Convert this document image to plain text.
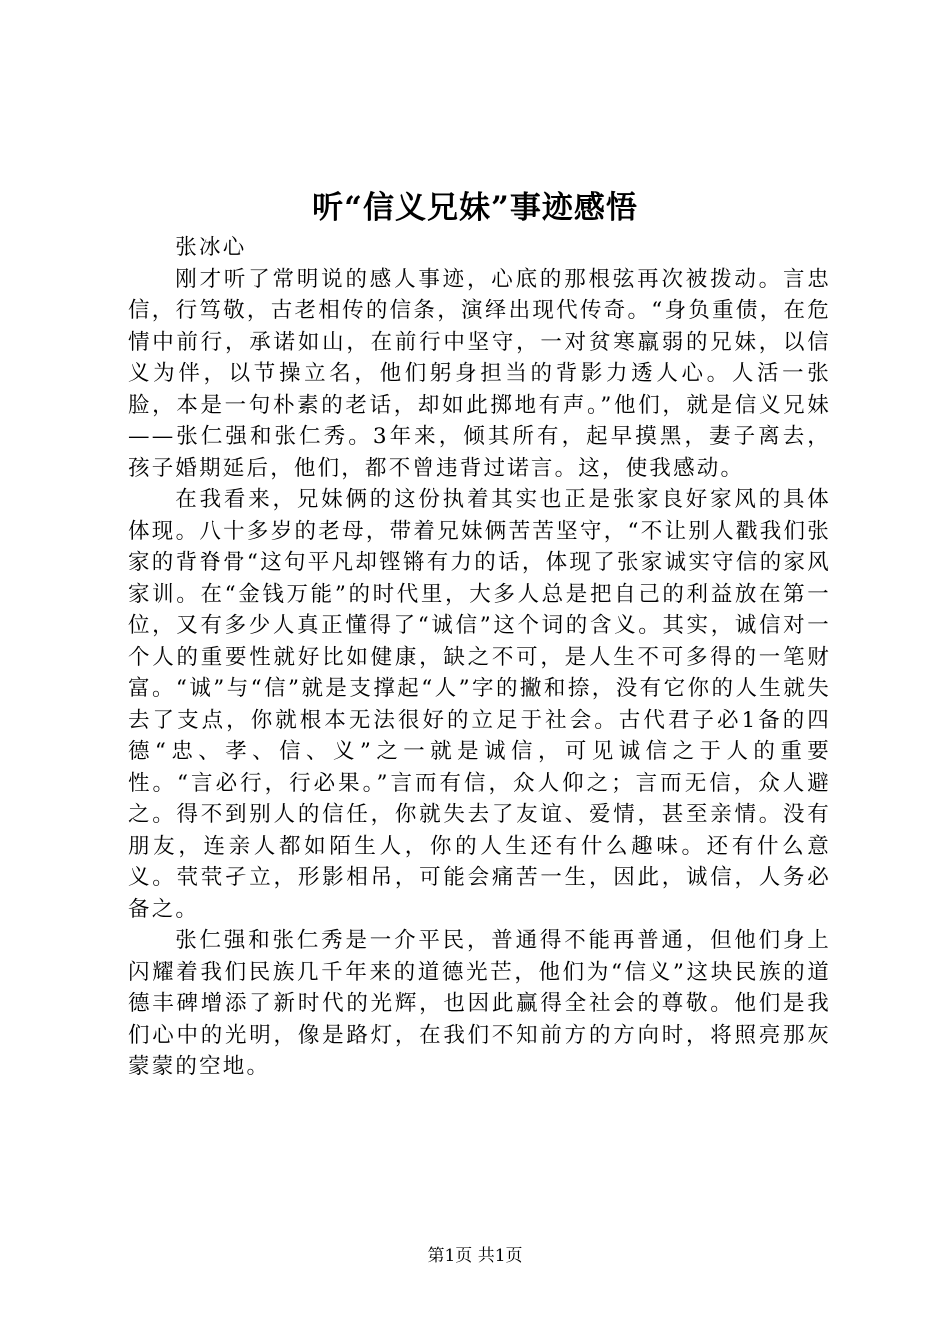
听“信义兄妹”事迹感悟
张冰心

刚才听了常明说的感人事迹，心底的那根弦再次被拨动。言忠信，行笃敬，古老相传的信条，演绎出现代传奇。“身负重债，在危情中前行，承诺如山，在前行中坚守，一对贫寒羸弱的兄妹，以信义为伴，以节操立名，他们躬身担当的背影力透人心。人活一张脸，本是一句朴素的老话，却如此掷地有声。”他们，就是信义兄妹——张仁强和张仁秀。3年来，倾其所有，起早摸黑，妻子离去，孩子婚期延后，他们，都不曾违背过诺言。这，使我感动。

在我看来，兄妹俩的这份执着其实也正是张家良好家风的具体体现。八十多岁的老母，带着兄妹俩苦苦坚守，“不让别人戳我们张家的背脊骨“这句平凡却铿锵有力的话，体现了张家诚实守信的家风家训。在“金钱万能”的时代里，大多人总是把自己的利益放在第一位，又有多少人真正懂得了“诚信”这个词的含义。其实，诚信对一个人的重要性就好比如健康，缺之不可，是人生不可多得的一笔财富。“诚”与“信”就是支撑起“人”字的撇和捺，没有它你的人生就失去了支点，你就根本无法很好的立足于社会。古代君子必1备的四德“忠、孝、信、义”之一就是诚信，可见诚信之于人的重要性。“言必行，行必果。”言而有信，众人仰之；言而无信，众人避之。得不到别人的信任，你就失去了友谊、爱情，甚至亲情。没有朋友，连亲人都如陌生人，你的人生还有什么趣味。还有什么意义。茕茕孑立，形影相吊，可能会痛苦一生，因此，诚信，人务必备之。

张仁强和张仁秀是一介平民，普通得不能再普通，但他们身上闪耀着我们民族几千年来的道德光芒，他们为“信义”这块民族的道德丰碑增添了新时代的光辉，也因此赢得全社会的尊敬。他们是我们心中的光明，像是路灯，在我们不知前方的方向时，将照亮那灰蒙蒙的空地。

第1页 共1页
